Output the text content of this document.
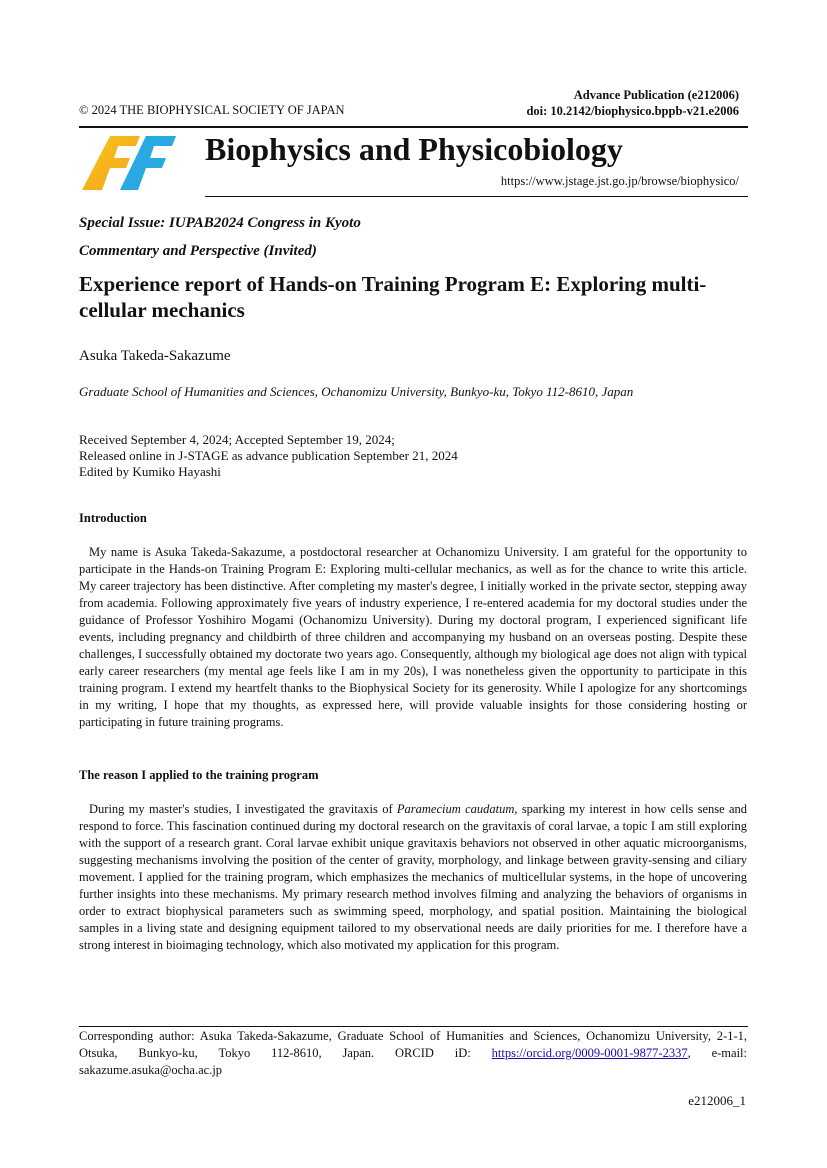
© 2024 THE BIOPHYSICAL SOCIETY OF JAPAN
Advance Publication (e212006)
doi: 10.2142/biophysico.bppb-v21.e2006
Biophysics and Physicobiology
https://www.jstage.jst.go.jp/browse/biophysico/
Special Issue: IUPAB2024 Congress in Kyoto
Commentary and Perspective (Invited)
Experience report of Hands-on Training Program E: Exploring multi-cellular mechanics
Asuka Takeda-Sakazume
Graduate School of Humanities and Sciences, Ochanomizu University, Bunkyo-ku, Tokyo 112-8610, Japan
Received September 4, 2024; Accepted September 19, 2024;
Released online in J-STAGE as advance publication September 21, 2024
Edited by Kumiko Hayashi
Introduction

My name is Asuka Takeda-Sakazume, a postdoctoral researcher at Ochanomizu University. I am grateful for the opportunity to participate in the Hands-on Training Program E: Exploring multi-cellular mechanics, as well as for the chance to write this article. My career trajectory has been distinctive. After completing my master's degree, I initially worked in the private sector, stepping away from academia. Following approximately five years of industry experience, I re-entered academia for my doctoral studies under the guidance of Professor Yoshihiro Mogami (Ochanomizu University). During my doctoral program, I experienced significant life events, including pregnancy and childbirth of three children and accompanying my husband on an overseas posting. Despite these challenges, I successfully obtained my doctorate two years ago. Consequently, although my biological age does not align with typical early career researchers (my mental age feels like I am in my 20s), I was nonetheless given the opportunity to participate in this training program. I extend my heartfelt thanks to the Biophysical Society for its generosity. While I apologize for any shortcomings in my writing, I hope that my thoughts, as expressed here, will provide valuable insights for those considering hosting or participating in future training programs.

The reason I applied to the training program

During my master's studies, I investigated the gravitaxis of Paramecium caudatum, sparking my interest in how cells sense and respond to force. This fascination continued during my doctoral research on the gravitaxis of coral larvae, a topic I am still exploring with the support of a research grant. Coral larvae exhibit unique gravitaxis behaviors not observed in other aquatic microorganisms, suggesting mechanisms involving the position of the center of gravity, morphology, and linkage between gravity-sensing and ciliary movement. I applied for the training program, which emphasizes the mechanics of multicellular systems, in the hope of uncovering further insights into these mechanisms. My primary research method involves filming and analyzing the behaviors of organisms in order to extract biophysical parameters such as swimming speed, morphology, and spatial position. Maintaining the biological samples in a living state and designing equipment tailored to my observational needs are daily priorities for me. I therefore have a strong interest in bioimaging technology, which also motivated my application for this program.

Corresponding author: Asuka Takeda-Sakazume, Graduate School of Humanities and Sciences, Ochanomizu University, 2-1-1, Otsuka, Bunkyo-ku, Tokyo 112-8610, Japan. ORCID iD: https://orcid.org/0009-0001-9877-2337, e-mail: sakazume.asuka@ocha.ac.jp

e212006_1
